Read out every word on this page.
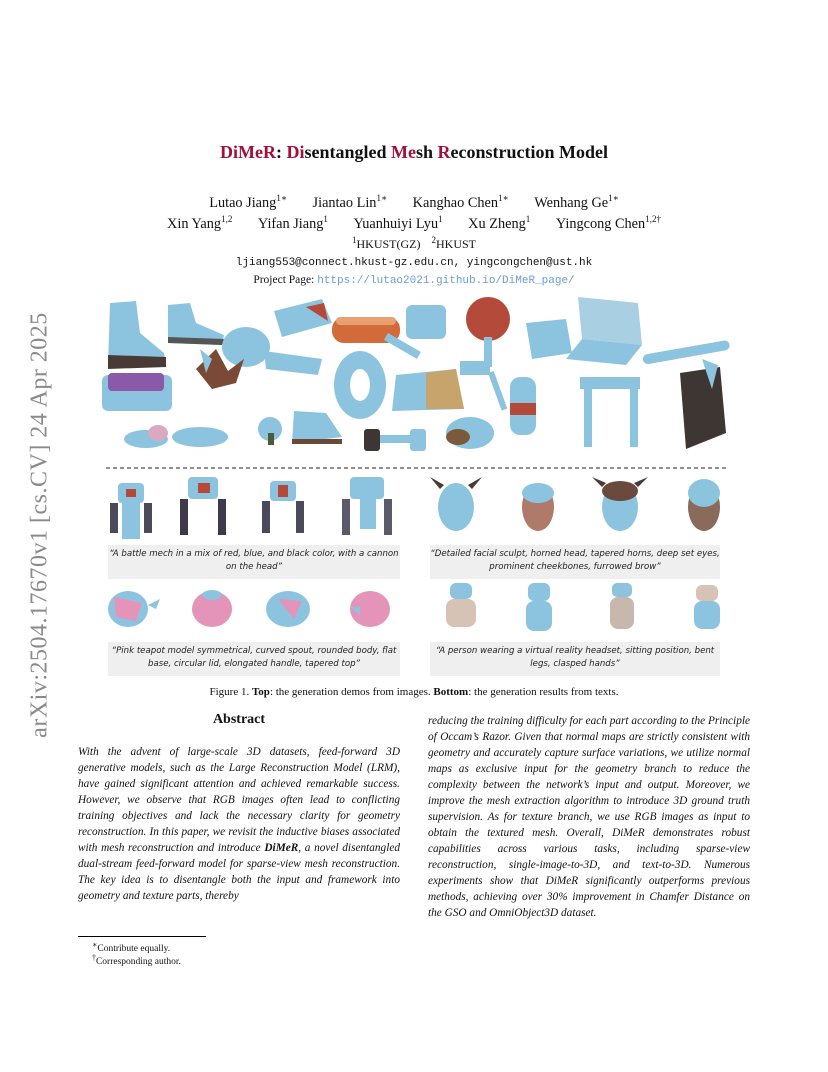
arXiv:2504.17670v1 [cs.CV] 24 Apr 2025
DiMeR: Disentangled Mesh Reconstruction Model
Lutao Jiang$^{1∗}$ Jiantao Lin$^{1∗}$ Kanghao Chen$^{1∗}$ Wenhang $Ge^{1∗}$
Xin Yang$^{1,2}$ Yifan Jiang$^1$ Yuanhuiyi Lyu$^1$ Xu Zheng$^1$ Yingcong Chen$^{1,2\dagger}$
$^1$HKUST(GZ) $^2$HKUST
ljiang553@connect.hkust-gz.edu.cn, yingcongchen@ust.hk
Project Page: https://lutao2021.github.io/DiMeR_page/
“A battle mech in a mix of red, blue, and black color, with a cannon on the head”
“Detailed facial sculpt, horned head, tapered horns, deep set eyes, prominent cheekbones, furrowed brow”
“Pink teapot model symmetrical, curved spout, rounded body, flat base, circular lid, elongated handle, tapered top”
“A person wearing a virtual reality headset, sitting position, bent legs, clasped hands”
Figure 1. Top: the generation demos from images. Bottom: the generation results from texts.
Abstract
With the advent of large-scale 3D datasets, feed-forward 3D generative models, such as the Large Reconstruction Model (LRM), have gained significant attention and achieved remarkable success. However, we observe that RGB images often lead to conflicting training objectives and lack the necessary clarity for geometry reconstruction. In this paper, we revisit the inductive biases associated with mesh reconstruction and introduce DiMeR, a novel disentangled dual-stream feed-forward model for sparse-view mesh reconstruction. The key idea is to disentangle both the input and framework into geometry and texture parts, thereby
reducing the training difficulty for each part according to the Principle of Occam’s Razor. Given that normal maps are strictly consistent with geometry and accurately capture surface variations, we utilize normal maps as exclusive input for the geometry branch to reduce the complexity between the network’s input and output. Moreover, we improve the mesh extraction algorithm to introduce 3D ground truth supervision. As for texture branch, we use RGB images as input to obtain the textured mesh. Overall, DiMeR demonstrates robust capabilities across various tasks, including sparse-view reconstruction, single-image-to-3D, and text-to-3D. Numerous experiments show that DiMeR significantly outperforms previous methods, achieving over 30% improvement in Chamfer Distance on the GSO and OmniObject3D dataset.
∗Contribute equally.
†Corresponding author.
